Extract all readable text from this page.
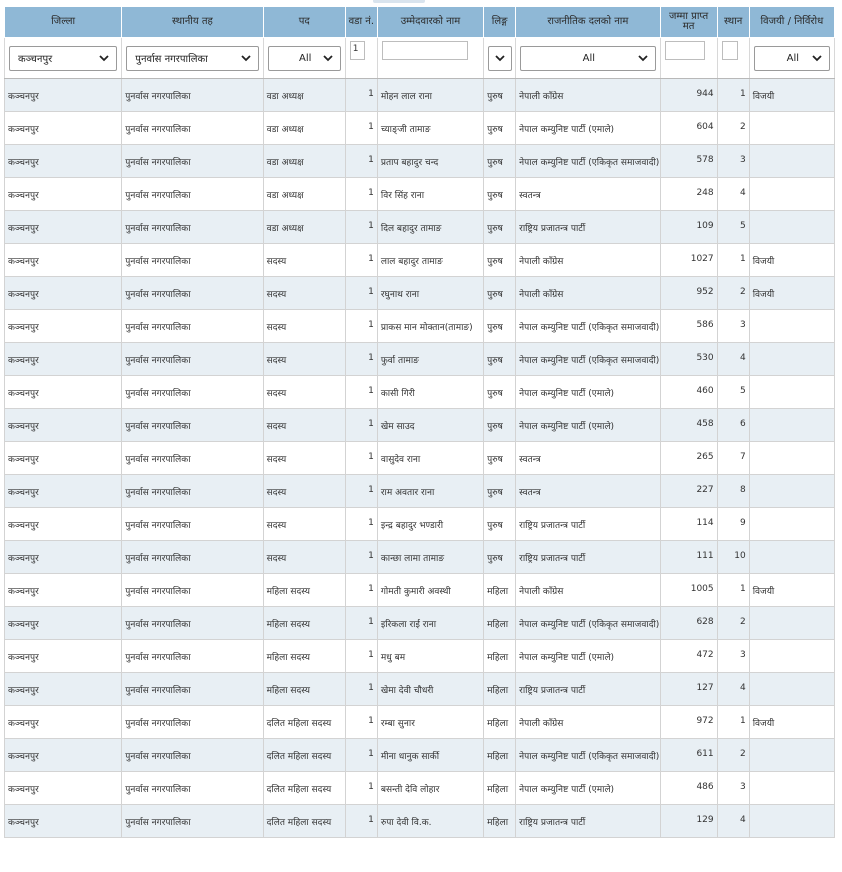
जिल्ला	स्थानीय तह	पद	वडा नं.	उम्मेदवारको नाम	लिङ्ग	राजनीतिक दलको नाम	जम्मा प्राप्त मत	स्थान	विजयी / निर्विरोध

कञ्चनपुर	पुनर्वास नगरपालिका	All	1			All			All

कञ्चनपुर	पुनर्वास नगरपालिका	वडा अध्यक्ष	1	मोहन लाल राना	पुरुष	नेपाली काँग्रेस	944	1	विजयी
कञ्चनपुर	पुनर्वास नगरपालिका	वडा अध्यक्ष	1	च्याङ्जी तामाङ	पुरुष	नेपाल कम्युनिष्ट पार्टी (एमाले)	604	2	
कञ्चनपुर	पुनर्वास नगरपालिका	वडा अध्यक्ष	1	प्रताप बहादुर चन्द	पुरुष	नेपाल कम्युनिष्ट पार्टी (एकिकृत समाजवादी)	578	3	
कञ्चनपुर	पुनर्वास नगरपालिका	वडा अध्यक्ष	1	विर सिंह राना	पुरुष	स्वतन्त्र	248	4	
कञ्चनपुर	पुनर्वास नगरपालिका	वडा अध्यक्ष	1	दिल बहादुर तामाङ	पुरुष	राष्ट्रिय प्रजातन्त्र पार्टी	109	5	
कञ्चनपुर	पुनर्वास नगरपालिका	सदस्य	1	लाल बहादुर तामाङ	पुरुष	नेपाली काँग्रेस	1027	1	विजयी
कञ्चनपुर	पुनर्वास नगरपालिका	सदस्य	1	रघुनाथ राना	पुरुष	नेपाली काँग्रेस	952	2	विजयी
कञ्चनपुर	पुनर्वास नगरपालिका	सदस्य	1	प्राकस मान मोक्तान(तामाङ)	पुरुष	नेपाल कम्युनिष्ट पार्टी (एकिकृत समाजवादी)	586	3	
कञ्चनपुर	पुनर्वास नगरपालिका	सदस्य	1	फुर्वा तामाङ	पुरुष	नेपाल कम्युनिष्ट पार्टी (एकिकृत समाजवादी)	530	4	
कञ्चनपुर	पुनर्वास नगरपालिका	सदस्य	1	कासी गिरी	पुरुष	नेपाल कम्युनिष्ट पार्टी (एमाले)	460	5	
कञ्चनपुर	पुनर्वास नगरपालिका	सदस्य	1	खेम साउद	पुरुष	नेपाल कम्युनिष्ट पार्टी (एमाले)	458	6	
कञ्चनपुर	पुनर्वास नगरपालिका	सदस्य	1	वासुदेव राना	पुरुष	स्वतन्त्र	265	7	
कञ्चनपुर	पुनर्वास नगरपालिका	सदस्य	1	राम अवतार राना	पुरुष	स्वतन्त्र	227	8	
कञ्चनपुर	पुनर्वास नगरपालिका	सदस्य	1	इन्द्र बहादुर भण्डारी	पुरुष	राष्ट्रिय प्रजातन्त्र पार्टी	114	9	
कञ्चनपुर	पुनर्वास नगरपालिका	सदस्य	1	कान्छा लामा तामाङ	पुरुष	राष्ट्रिय प्रजातन्त्र पार्टी	111	10	
कञ्चनपुर	पुनर्वास नगरपालिका	महिला सदस्य	1	गोमती कुमारी अवस्थी	महिला	नेपाली काँग्रेस	1005	1	विजयी
कञ्चनपुर	पुनर्वास नगरपालिका	महिला सदस्य	1	इरिकला राई राना	महिला	नेपाल कम्युनिष्ट पार्टी (एकिकृत समाजवादी)	628	2	
कञ्चनपुर	पुनर्वास नगरपालिका	महिला सदस्य	1	मधु बम	महिला	नेपाल कम्युनिष्ट पार्टी (एमाले)	472	3	
कञ्चनपुर	पुनर्वास नगरपालिका	महिला सदस्य	1	खेमा देवी चौधरी	महिला	राष्ट्रिय प्रजातन्त्र पार्टी	127	4	
कञ्चनपुर	पुनर्वास नगरपालिका	दलित महिला सदस्य	1	रम्बा सुनार	महिला	नेपाली काँग्रेस	972	1	विजयी
कञ्चनपुर	पुनर्वास नगरपालिका	दलित महिला सदस्य	1	मीना धानुक सार्की	महिला	नेपाल कम्युनिष्ट पार्टी (एकिकृत समाजवादी)	611	2	
कञ्चनपुर	पुनर्वास नगरपालिका	दलित महिला सदस्य	1	बसन्ती देवि लोहार	महिला	नेपाल कम्युनिष्ट पार्टी (एमाले)	486	3	
कञ्चनपुर	पुनर्वास नगरपालिका	दलित महिला सदस्य	1	रुपा देवी वि.क.	महिला	राष्ट्रिय प्रजातन्त्र पार्टी	129	4	
